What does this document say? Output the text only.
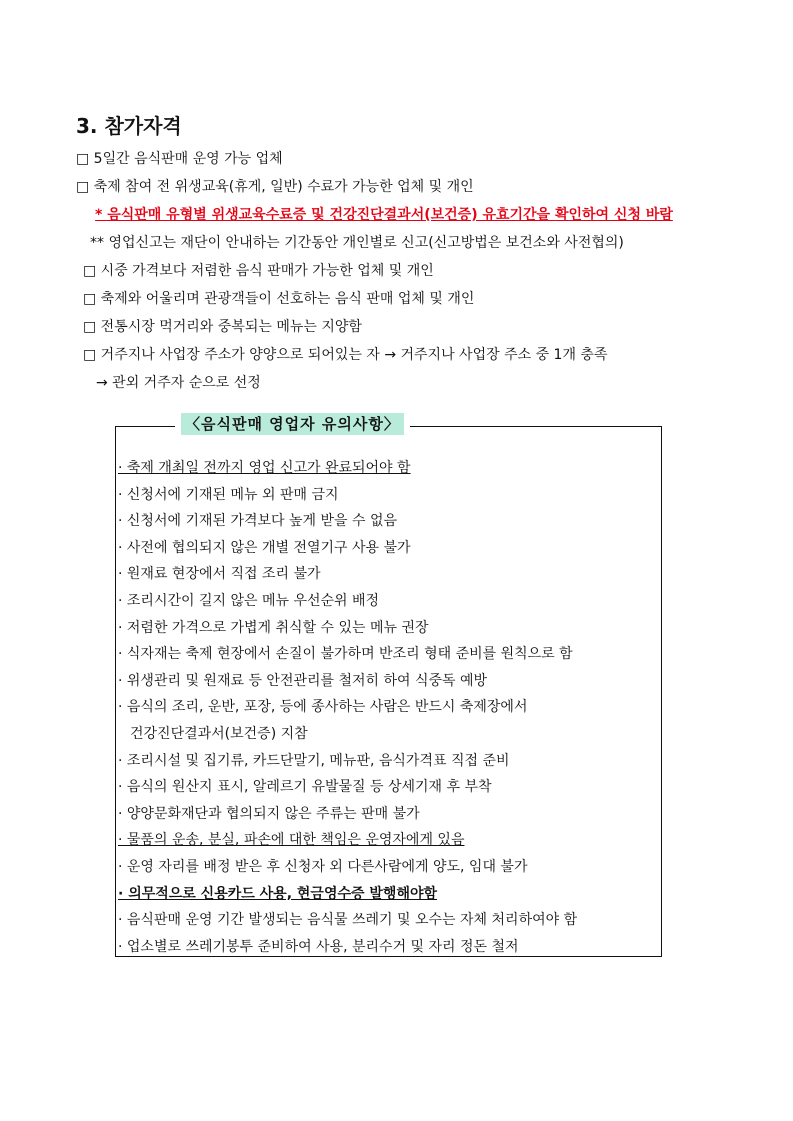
3. 참가자격
□ 5일간 음식판매 운영 가능 업체
□ 축제 참여 전 위생교육(휴게, 일반) 수료가 가능한 업체 및 개인
* 음식판매 유형별 위생교육수료증 및 건강진단결과서(보건증) 유효기간을 확인하여 신청 바람
** 영업신고는 재단이 안내하는 기간동안 개인별로 신고(신고방법은 보건소와 사전협의)
□ 시중 가격보다 저렴한 음식 판매가 가능한 업체 및 개인
□ 축제와 어울리며 관광객들이 선호하는 음식 판매 업체 및 개인
□ 전통시장 먹거리와 중복되는 메뉴는 지양함
□ 거주지나 사업장 주소가 양양으로 되어있는 자 → 거주지나 사업장 주소 중 1개 충족
→ 관외 거주자 순으로 선정
〈음식판매 영업자 유의사항〉
· 축제 개최일 전까지 영업 신고가 완료되어야 함
· 신청서에 기재된 메뉴 외 판매 금지
· 신청서에 기재된 가격보다 높게 받을 수 없음
· 사전에 협의되지 않은 개별 전열기구 사용 불가
· 원재료 현장에서 직접 조리 불가
· 조리시간이 길지 않은 메뉴 우선순위 배정
· 저렴한 가격으로 가볍게 취식할 수 있는 메뉴 권장
· 식자재는 축제 현장에서 손질이 불가하며 반조리 형태 준비를 원칙으로 함
· 위생관리 및 원재료 등 안전관리를 철저히 하여 식중독 예방
· 음식의 조리, 운반, 포장, 등에 종사하는 사람은 반드시 축제장에서
건강진단결과서(보건증) 지참
· 조리시설 및 집기류, 카드단말기, 메뉴판, 음식가격표 직접 준비
· 음식의 원산지 표시, 알레르기 유발물질 등 상세기재 후 부착
· 양양문화재단과 협의되지 않은 주류는 판매 불가
· 물품의 운송, 분실, 파손에 대한 책임은 운영자에게 있음
· 운영 자리를 배정 받은 후 신청자 외 다른사람에게 양도, 임대 불가
· 의무적으로 신용카드 사용, 현금영수증 발행해야함
· 음식판매 운영 기간 발생되는 음식물 쓰레기 및 오수는 자체 처리하여야 함
· 업소별로 쓰레기봉투 준비하여 사용, 분리수거 및 자리 정돈 철저
